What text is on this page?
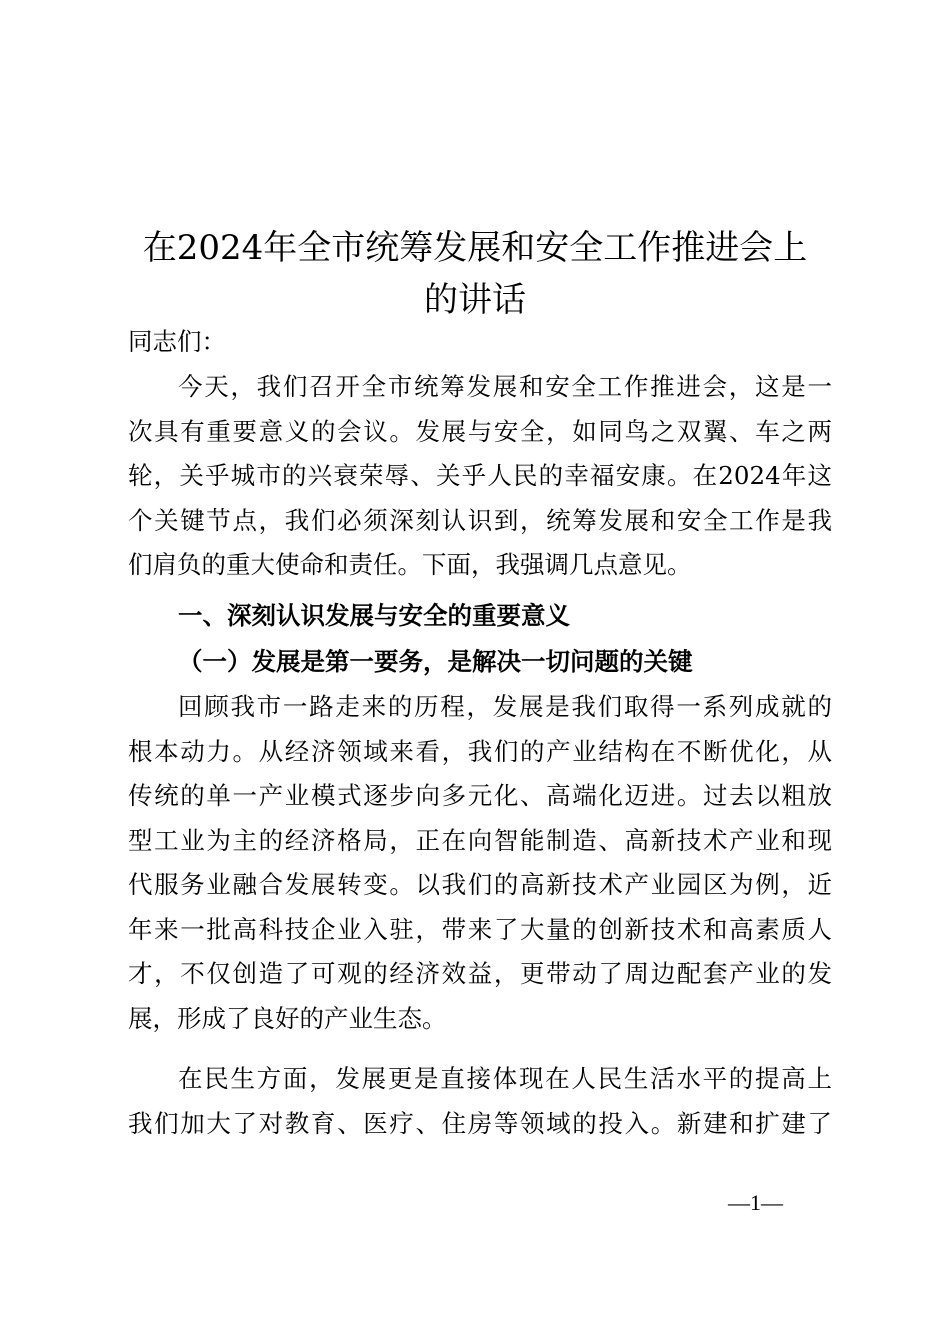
在2024年全市统筹发展和安全工作推进会上
的讲话

同志们：

今天，我们召开全市统筹发展和安全工作推进会，这是一
次具有重要意义的会议。发展与安全，如同鸟之双翼、车之两
轮，关乎城市的兴衰荣辱、关乎人民的幸福安康。在2024年这
个关键节点，我们必须深刻认识到，统筹发展和安全工作是我
们肩负的重大使命和责任。下面，我强调几点意见。

一、深刻认识发展与安全的重要意义
（一）发展是第一要务，是解决一切问题的关键

回顾我市一路走来的历程，发展是我们取得一系列成就的
根本动力。从经济领域来看，我们的产业结构在不断优化，从
传统的单一产业模式逐步向多元化、高端化迈进。过去以粗放
型工业为主的经济格局，正在向智能制造、高新技术产业和现
代服务业融合发展转变。以我们的高新技术产业园区为例，近
年来一批高科技企业入驻，带来了大量的创新技术和高素质人
才，不仅创造了可观的经济效益，更带动了周边配套产业的发
展，形成了良好的产业生态。

在民生方面，发展更是直接体现在人民生活水平的提高上
我们加大了对教育、医疗、住房等领域的投入。新建和扩建了

—1—
